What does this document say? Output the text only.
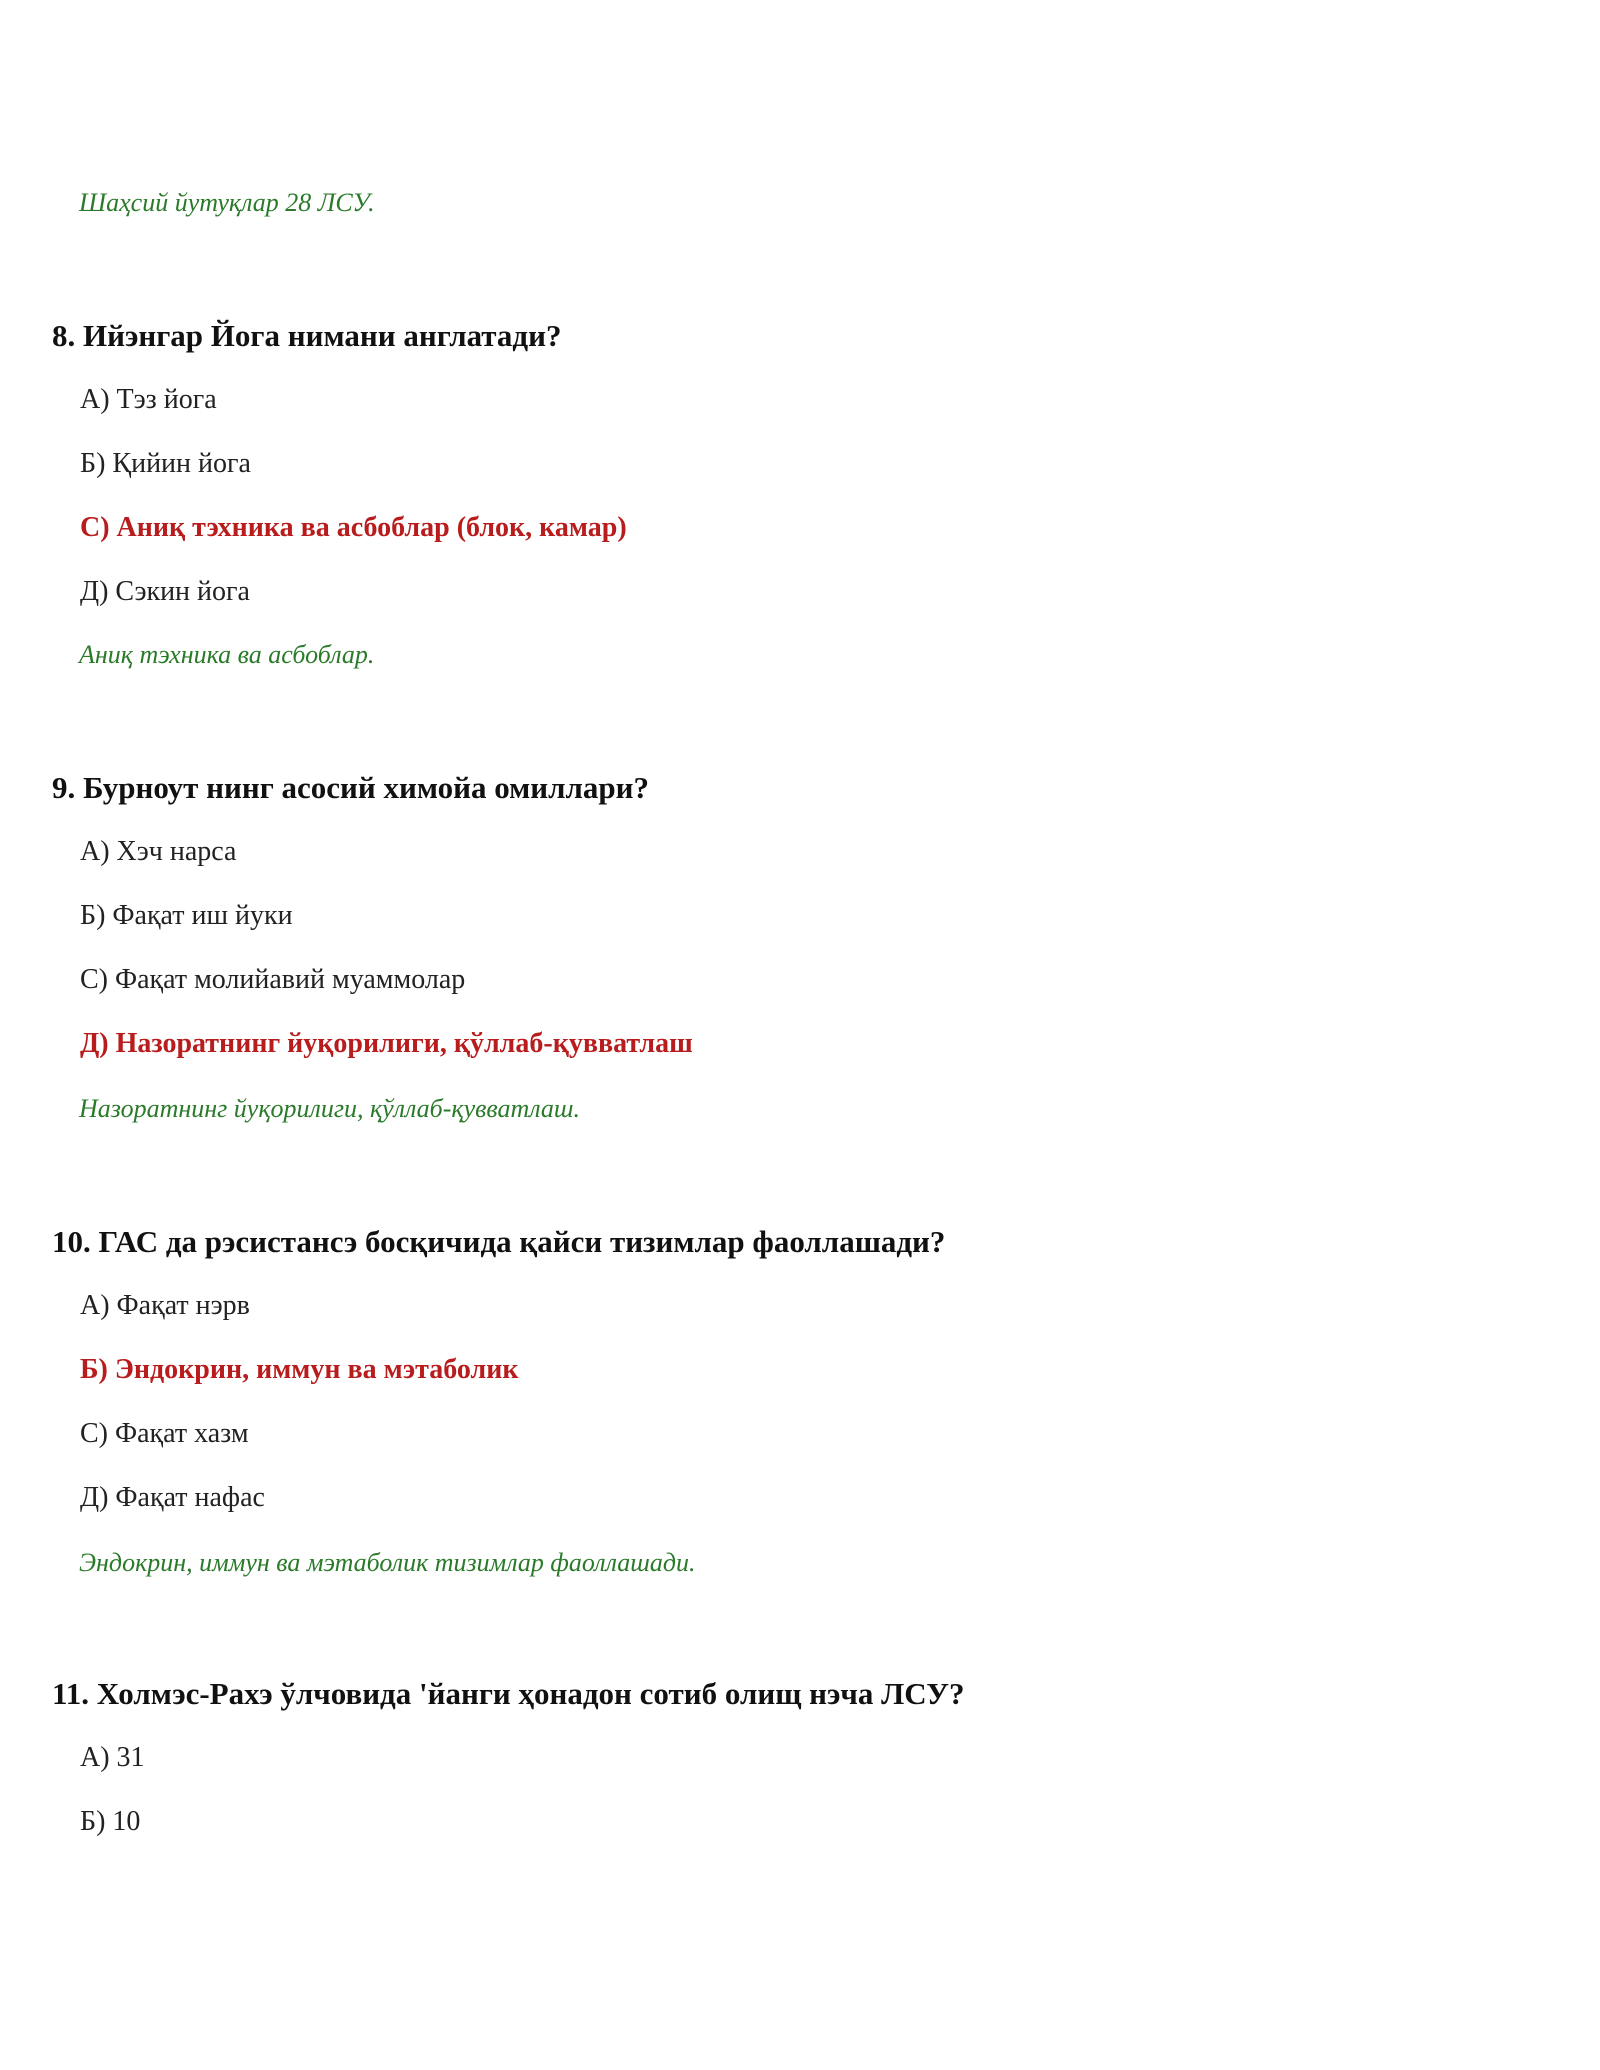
Шаҳсий йутуқлар 28 ЛСУ.
8. Ийэнгар Йога нимани англатади?
А) Тэз йога
Б) Қийин йога
С) Аниқ тэхника ва асбоблар (блок, камар)
Д) Сэкин йога
Аниқ тэхника ва асбоблар.
9. Бурноут нинг асосий химойа омиллари?
А) Хэч нарса
Б) Фақат иш йуки
С) Фақат молийавий муаммолар
Д) Назоратнинг йуқорилиги, қўллаб-қувватлаш
Назоратнинг йуқорилиги, қўллаб-қувватлаш.
10. ГАС да рэсистансэ босқичида қайси тизимлар фаоллашади?
А) Фақат нэрв
Б) Эндокрин, иммун ва мэтаболик
С) Фақат хазм
Д) Фақат нафас
Эндокрин, иммун ва мэтаболик тизимлар фаоллашади.
11. Холмэс-Рахэ ўлчовида 'йанги ҳонадон сотиб олищ нэча ЛСУ?
А) 31
Б) 10
